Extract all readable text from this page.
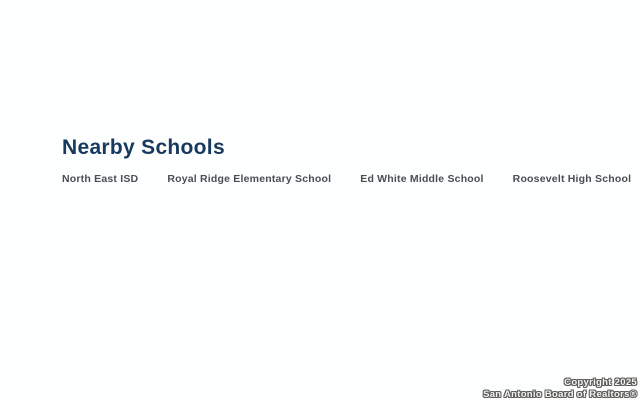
Nearby Schools
North East ISD	Royal Ridge Elementary School	Ed White Middle School	Roosevelt High School
Copyright 2025
San Antonio Board of Realtors®
